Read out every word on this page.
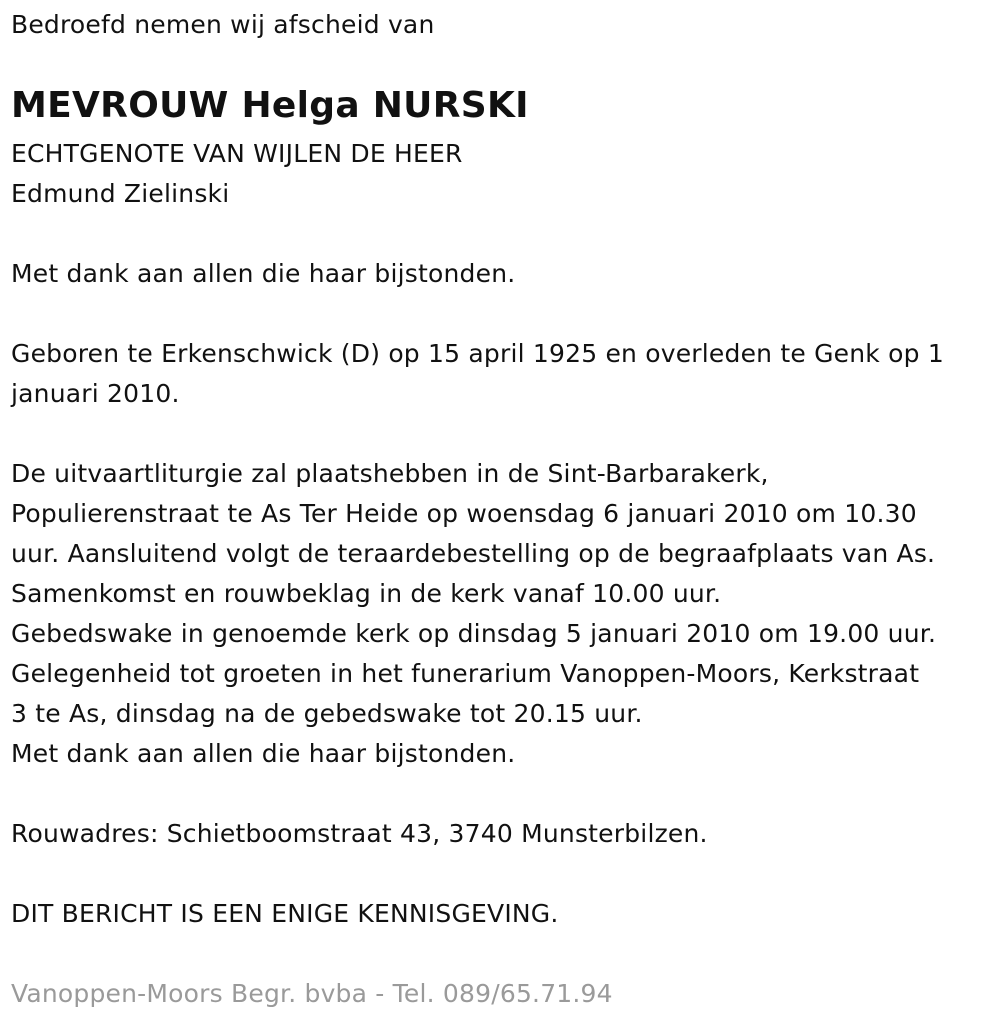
Bedroefd nemen wij afscheid van
MEVROUW Helga NURSKI
ECHTGENOTE VAN WIJLEN DE HEER
Edmund Zielinski
Met dank aan allen die haar bijstonden.
Geboren te Erkenschwick (D) op 15 april 1925 en overleden te Genk op 1
januari 2010.
De uitvaartliturgie zal plaatshebben in de Sint-Barbarakerk,
Populierenstraat te As Ter Heide op woensdag 6 januari 2010 om 10.30
uur. Aansluitend volgt de teraardebestelling op de begraafplaats van As.
Samenkomst en rouwbeklag in de kerk vanaf 10.00 uur.
Gebedswake in genoemde kerk op dinsdag 5 januari 2010 om 19.00 uur.
Gelegenheid tot groeten in het funerarium Vanoppen-Moors, Kerkstraat
3 te As, dinsdag na de gebedswake tot 20.15 uur.
Met dank aan allen die haar bijstonden.
Rouwadres: Schietboomstraat 43, 3740 Munsterbilzen.
DIT BERICHT IS EEN ENIGE KENNISGEVING.
Vanoppen-Moors Begr. bvba - Tel. 089/65.71.94
